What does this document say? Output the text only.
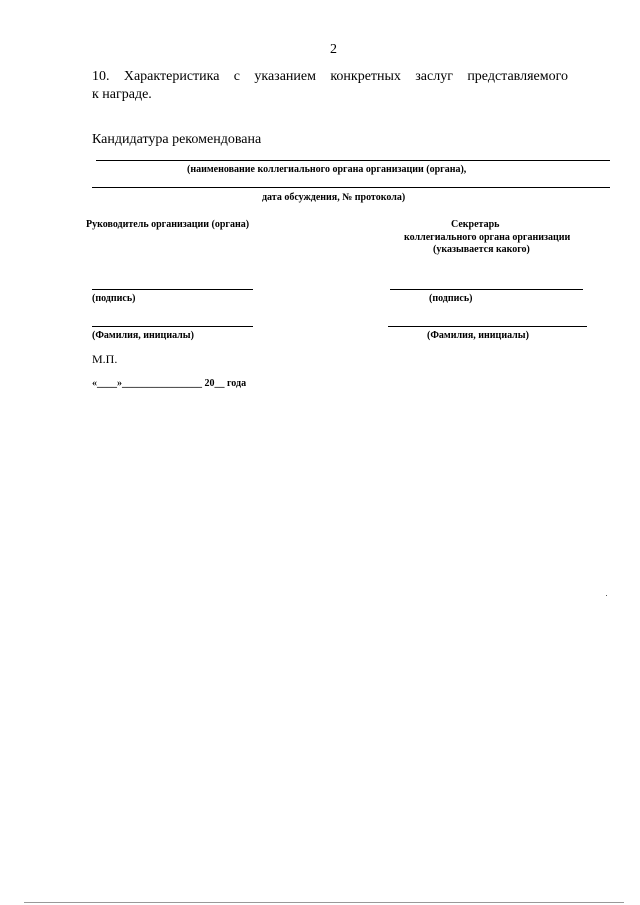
2
10. Характеристика с указанием конкретных заслуг представляемого
к награде.
Кандидатура рекомендована
(наименование коллегиального органа организации (органа),
дата обсуждения, № протокола)
Руководитель организации (органа)	Секретарь
коллегиального органа организации
(указывается какого)
(подпись)	(подпись)
(Фамилия, инициалы)	(Фамилия, инициалы)
М.П.
«____»________________ 20__ года
